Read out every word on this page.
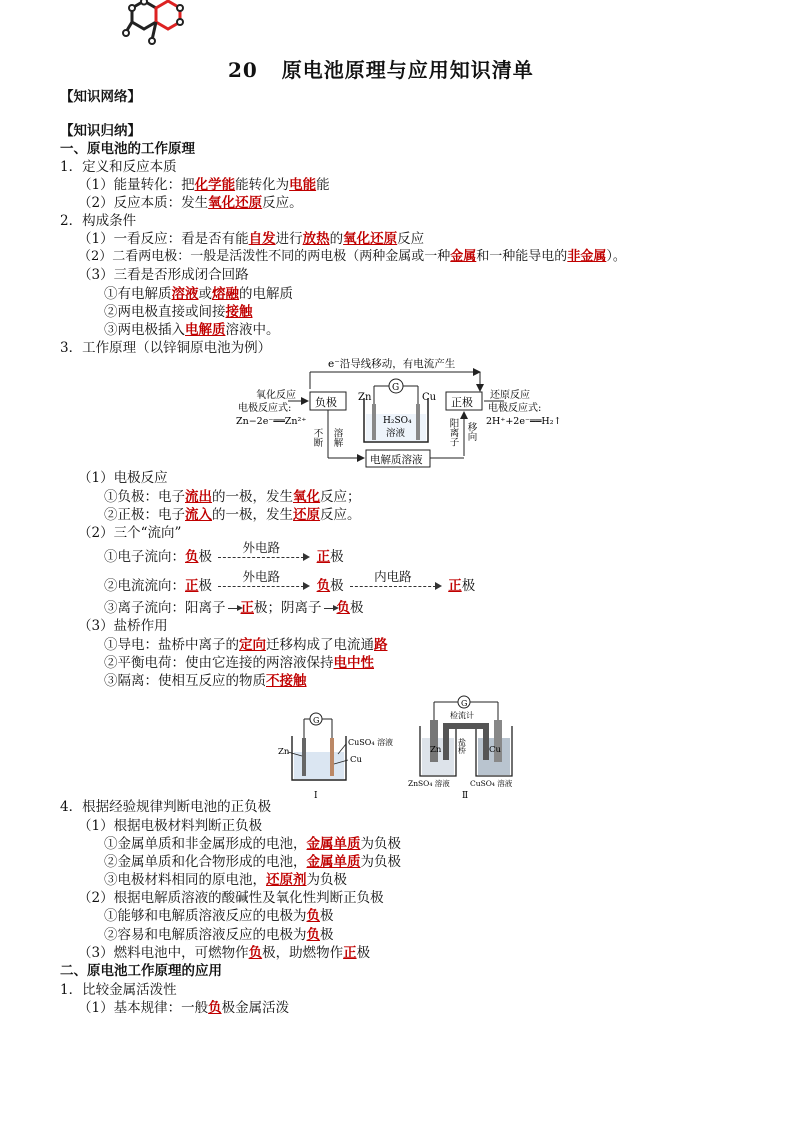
20 原电池原理与应用知识清单
【知识网络】
【知识归纳】
一、原电池的工作原理
1．定义和反应本质
（1）能量转化：把化学能能转化为电能能
（2）反应本质：发生氧化还原反应。
2．构成条件
（1）一看反应：看是否有能自发进行放热的氧化还原反应
（2）二看两电极：一般是活泼性不同的两电极（两种金属或一种金属和一种能导电的非金属）。
（3）三看是否形成闭合回路
①有电解质溶液或熔融的电解质
②两电极直接或间接接触
③两电极插入电解质溶液中。
3．工作原理（以锌铜原电池为例）
e⁻沿导线移动，有电流产生
负极	正极
氧化反应
电极反应式:
Zn−2e⁻══Zn²⁺
还原反应
电极反应式:
2H⁺+2e⁻══H₂↑
G
Zn	Cu
H₂SO₄
溶液
不断 溶解	阳离子 移向
电解质溶液
（1）电极反应
①负极：电子流出的一极，发生氧化反应；
②正极：电子流入的一极，发生还原反应。
（2）三个“流向”
①电子流向：负极
外电路
正极
②电流流向：正极
外电路
负极
内电路
正极
③离子流向：阳离子 正极；阴离子 负极
（3）盐桥作用
①导电：盐桥中离子的定向迁移构成了电流通路
②平衡电荷：使由它连接的两溶液保持电中性
③隔离：使相互反应的物质不接触
G
Zn
CuSO₄ 溶液
Cu
Ⅰ
G
检流计
盐桥
Zn	Cu
ZnSO₄ 溶液	CuSO₄ 溶液
Ⅱ
4．根据经验规律判断电池的正负极
（1）根据电极材料判断正负极
①金属单质和非金属形成的电池，金属单质为负极
②金属单质和化合物形成的电池，金属单质为负极
③电极材料相同的原电池，还原剂为负极
（2）根据电解质溶液的酸碱性及氧化性判断正负极
①能够和电解质溶液反应的电极为负极
②容易和电解质溶液反应的电极为负极
（3）燃料电池中，可燃物作负极，助燃物作正极
二、原电池工作原理的应用
1．比较金属活泼性
（1）基本规律：一般负极金属活泼
